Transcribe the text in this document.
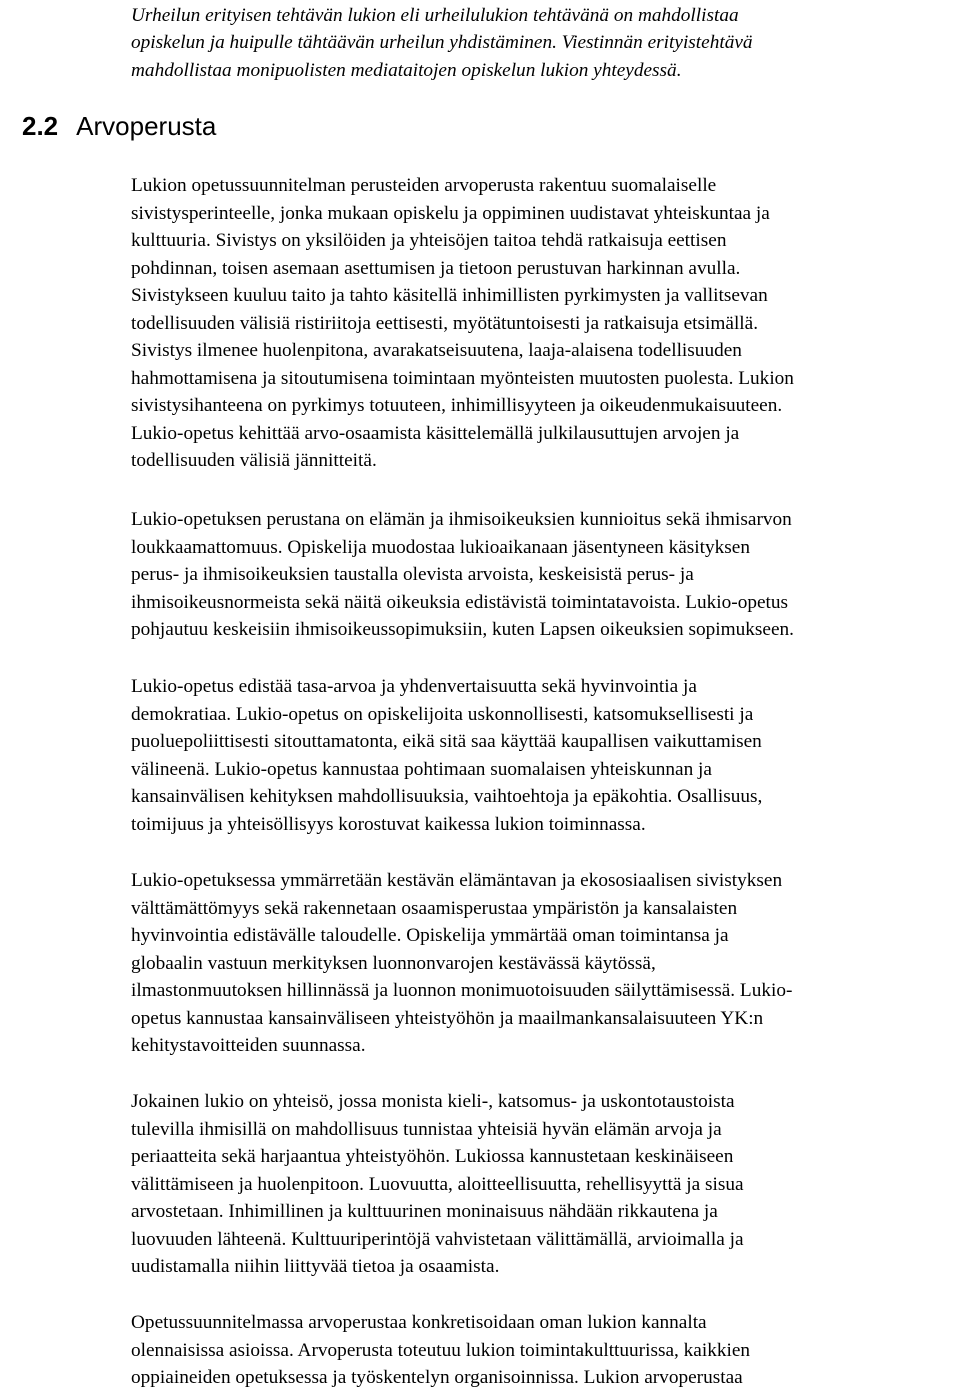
Urheilun erityisen tehtävän lukion eli urheilulukion tehtävänä on mahdollistaa
opiskelun ja huipulle tähtäävän urheilun yhdistäminen. Viestinnän erityistehtävä
mahdollistaa monipuolisten mediataitojen opiskelun lukion yhteydessä.

2.2 Arvoperusta

Lukion opetussuunnitelman perusteiden arvoperusta rakentuu suomalaiselle
sivistysperinteelle, jonka mukaan opiskelu ja oppiminen uudistavat yhteiskuntaa ja
kulttuuria. Sivistys on yksilöiden ja yhteisöjen taitoa tehdä ratkaisuja eettisen
pohdinnan, toisen asemaan asettumisen ja tietoon perustuvan harkinnan avulla.
Sivistykseen kuuluu taito ja tahto käsitellä inhimillisten pyrkimysten ja vallitsevan
todellisuuden välisiä ristiriitoja eettisesti, myötätuntoisesti ja ratkaisuja etsimällä.
Sivistys ilmenee huolenpitona, avarakatseisuutena, laaja-alaisena todellisuuden
hahmottamisena ja sitoutumisena toimintaan myönteisten muutosten puolesta. Lukion
sivistysihanteena on pyrkimys totuuteen, inhimillisyyteen ja oikeudenmukaisuuteen.
Lukio-opetus kehittää arvo-osaamista käsittelemällä julkilausuttujen arvojen ja
todellisuuden välisiä jännitteitä.

Lukio-opetuksen perustana on elämän ja ihmisoikeuksien kunnioitus sekä ihmisarvon
loukkaamattomuus. Opiskelija muodostaa lukioaikanaan jäsentyneen käsityksen
perus- ja ihmisoikeuksien taustalla olevista arvoista, keskeisistä perus- ja
ihmisoikeusnormeista sekä näitä oikeuksia edistävistä toimintatavoista. Lukio-opetus
pohjautuu keskeisiin ihmisoikeussopimuksiin, kuten Lapsen oikeuksien sopimukseen.

Lukio-opetus edistää tasa-arvoa ja yhdenvertaisuutta sekä hyvinvointia ja
demokratiaa. Lukio-opetus on opiskelijoita uskonnollisesti, katsomuksellisesti ja
puoluepoliittisesti sitouttamatonta, eikä sitä saa käyttää kaupallisen vaikuttamisen
välineenä. Lukio-opetus kannustaa pohtimaan suomalaisen yhteiskunnan ja
kansainvälisen kehityksen mahdollisuuksia, vaihtoehtoja ja epäkohtia. Osallisuus,
toimijuus ja yhteisöllisyys korostuvat kaikessa lukion toiminnassa.

Lukio-opetuksessa ymmärretään kestävän elämäntavan ja ekososiaalisen sivistyksen
välttämättömyys sekä rakennetaan osaamisperustaa ympäristön ja kansalaisten
hyvinvointia edistävälle taloudelle. Opiskelija ymmärtää oman toimintansa ja
globaalin vastuun merkityksen luonnonvarojen kestävässä käytössä,
ilmastonmuutoksen hillinnässä ja luonnon monimuotoisuuden säilyttämisessä. Lukio-
opetus kannustaa kansainväliseen yhteistyöhön ja maailmankansalaisuuteen YK:n
kehitystavoitteiden suunnassa.

Jokainen lukio on yhteisö, jossa monista kieli-, katsomus- ja uskontotaustoista
tulevilla ihmisillä on mahdollisuus tunnistaa yhteisiä hyvän elämän arvoja ja
periaatteita sekä harjaantua yhteistyöhön. Lukiossa kannustetaan keskinäiseen
välittämiseen ja huolenpitoon. Luovuutta, aloitteellisuutta, rehellisyyttä ja sisua
arvostetaan. Inhimillinen ja kulttuurinen moninaisuus nähdään rikkautena ja
luovuuden lähteenä. Kulttuuriperintöjä vahvistetaan välittämällä, arvioimalla ja
uudistamalla niihin liittyvää tietoa ja osaamista.

Opetussuunnitelmassa arvoperustaa konkretisoidaan oman lukion kannalta
olennaisissa asioissa. Arvoperusta toteutuu lukion toimintakulttuurissa, kaikkien
oppiaineiden opetuksessa ja työskentelyn organisoinnissa. Lukion arvoperustaa
